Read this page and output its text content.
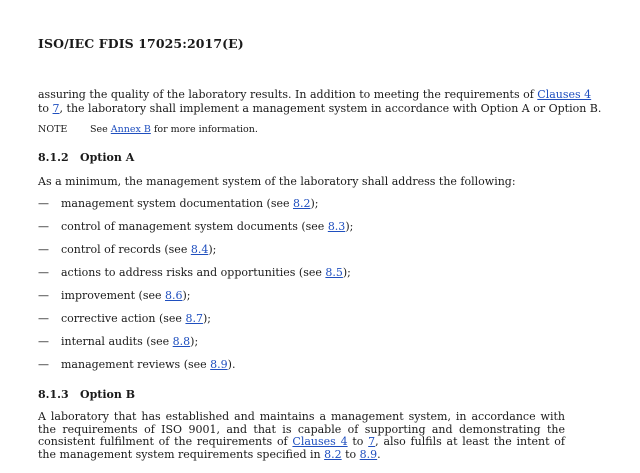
ISO/IEC FDIS 17025:2017(E)
assuring the quality of the laboratory results. In addition to meeting the requirements of Clauses 4 to 7, the laboratory shall implement a management system in accordance with Option A or Option B.
NOTE See Annex B for more information.
8.1.2 Option A
As a minimum, the management system of the laboratory shall address the following:
— management system documentation (see 8.2);
— control of management system documents (see 8.3);
— control of records (see 8.4);
— actions to address risks and opportunities (see 8.5);
— improvement (see 8.6);
— corrective action (see 8.7);
— internal audits (see 8.8);
— management reviews (see 8.9).
8.1.3 Option B
A laboratory that has established and maintains a management system, in accordance with the requirements of ISO 9001, and that is capable of supporting and demonstrating the consistent fulfilment of the requirements of Clauses 4 to 7, also fulfils at least the intent of the management system requirements specified in 8.2 to 8.9.
